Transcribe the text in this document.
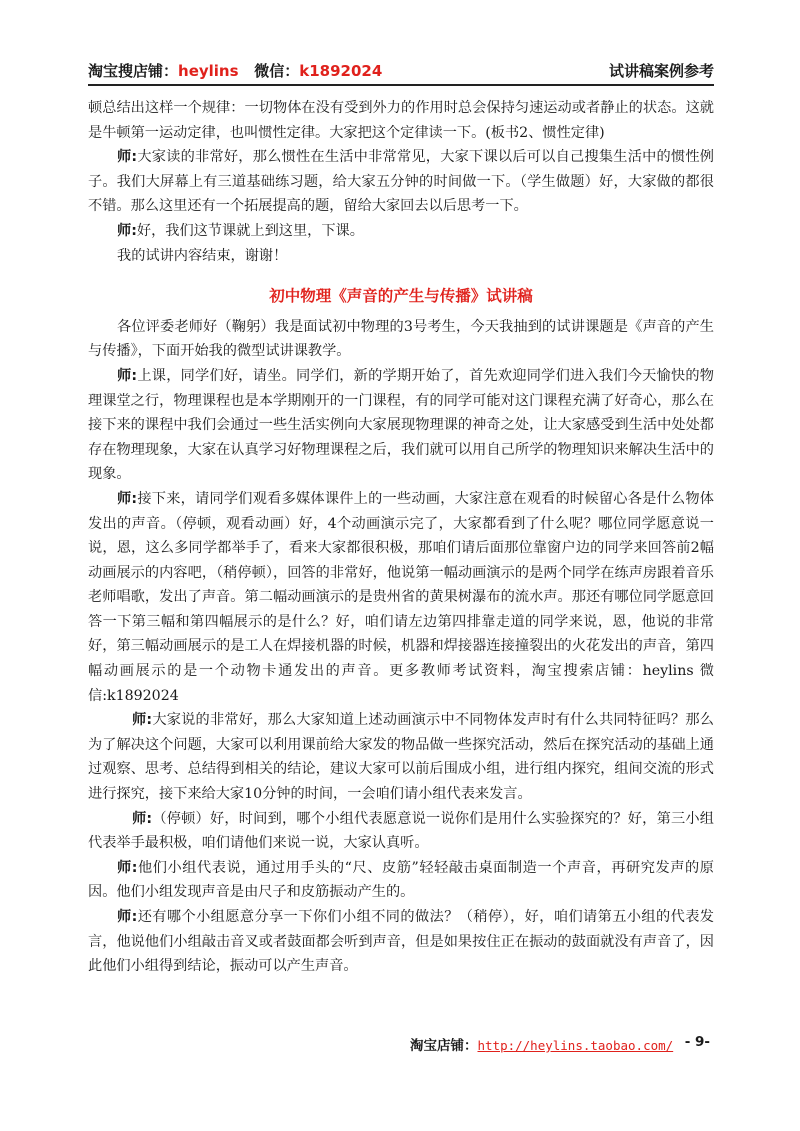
淘宝搜店铺：heylins 微信：k1892024	试讲稿案例参考

顿总结出这样一个规律：一切物体在没有受到外力的作用时总会保持匀速运动或者静止的状态。这就是牛顿第一运动定律，也叫惯性定律。大家把这个定律读一下。(板书2、惯性定律)

师:大家读的非常好，那么惯性在生活中非常常见，大家下课以后可以自己搜集生活中的惯性例子。我们大屏幕上有三道基础练习题，给大家五分钟的时间做一下。（学生做题）好，大家做的都很不错。那么这里还有一个拓展提高的题，留给大家回去以后思考一下。

师:好，我们这节课就上到这里，下课。

我的试讲内容结束，谢谢！

初中物理《声音的产生与传播》试讲稿

各位评委老师好（鞠躬）我是面试初中物理的3号考生，今天我抽到的试讲课题是《声音的产生与传播》，下面开始我的微型试讲课教学。

师:上课，同学们好，请坐。同学们，新的学期开始了，首先欢迎同学们进入我们今天愉快的物理课堂之行，物理课程也是本学期刚开的一门课程，有的同学可能对这门课程充满了好奇心，那么在接下来的课程中我们会通过一些生活实例向大家展现物理课的神奇之处，让大家感受到生活中处处都存在物理现象，大家在认真学习好物理课程之后，我们就可以用自己所学的物理知识来解决生活中的现象。

师:接下来，请同学们观看多媒体课件上的一些动画，大家注意在观看的时候留心各是什么物体发出的声音。（停顿，观看动画）好，4个动画演示完了，大家都看到了什么呢？哪位同学愿意说一说，恩，这么多同学都举手了，看来大家都很积极，那咱们请后面那位靠窗户边的同学来回答前2幅动画展示的内容吧，（稍停顿），回答的非常好，他说第一幅动画演示的是两个同学在练声房跟着音乐老师唱歌，发出了声音。第二幅动画演示的是贵州省的黄果树瀑布的流水声。那还有哪位同学愿意回答一下第三幅和第四幅展示的是什么？好，咱们请左边第四排靠走道的同学来说，恩，他说的非常好，第三幅动画展示的是工人在焊接机器的时候，机器和焊接器连接撞裂出的火花发出的声音，第四幅动画展示的是一个动物卡通发出的声音。更多教师考试资料，淘宝搜索店铺：heylins 微信:k1892024

师:大家说的非常好，那么大家知道上述动画演示中不同物体发声时有什么共同特征吗？那么为了解决这个问题，大家可以利用课前给大家发的物品做一些探究活动，然后在探究活动的基础上通过观察、思考、总结得到相关的结论，建议大家可以前后围成小组，进行组内探究，组间交流的形式进行探究，接下来给大家10分钟的时间，一会咱们请小组代表来发言。

师:（停顿）好，时间到，哪个小组代表愿意说一说你们是用什么实验探究的？好，第三小组代表举手最积极，咱们请他们来说一说，大家认真听。

师:他们小组代表说，通过用手头的“尺、皮筋”轻轻敲击桌面制造一个声音，再研究发声的原因。他们小组发现声音是由尺子和皮筋振动产生的。

师:还有哪个小组愿意分享一下你们小组不同的做法？（稍停），好，咱们请第五小组的代表发言，他说他们小组敲击音叉或者鼓面都会听到声音，但是如果按住正在振动的鼓面就没有声音了，因此他们小组得到结论，振动可以产生声音。

淘宝店铺：http://heylins.taobao.com/ - 9-
